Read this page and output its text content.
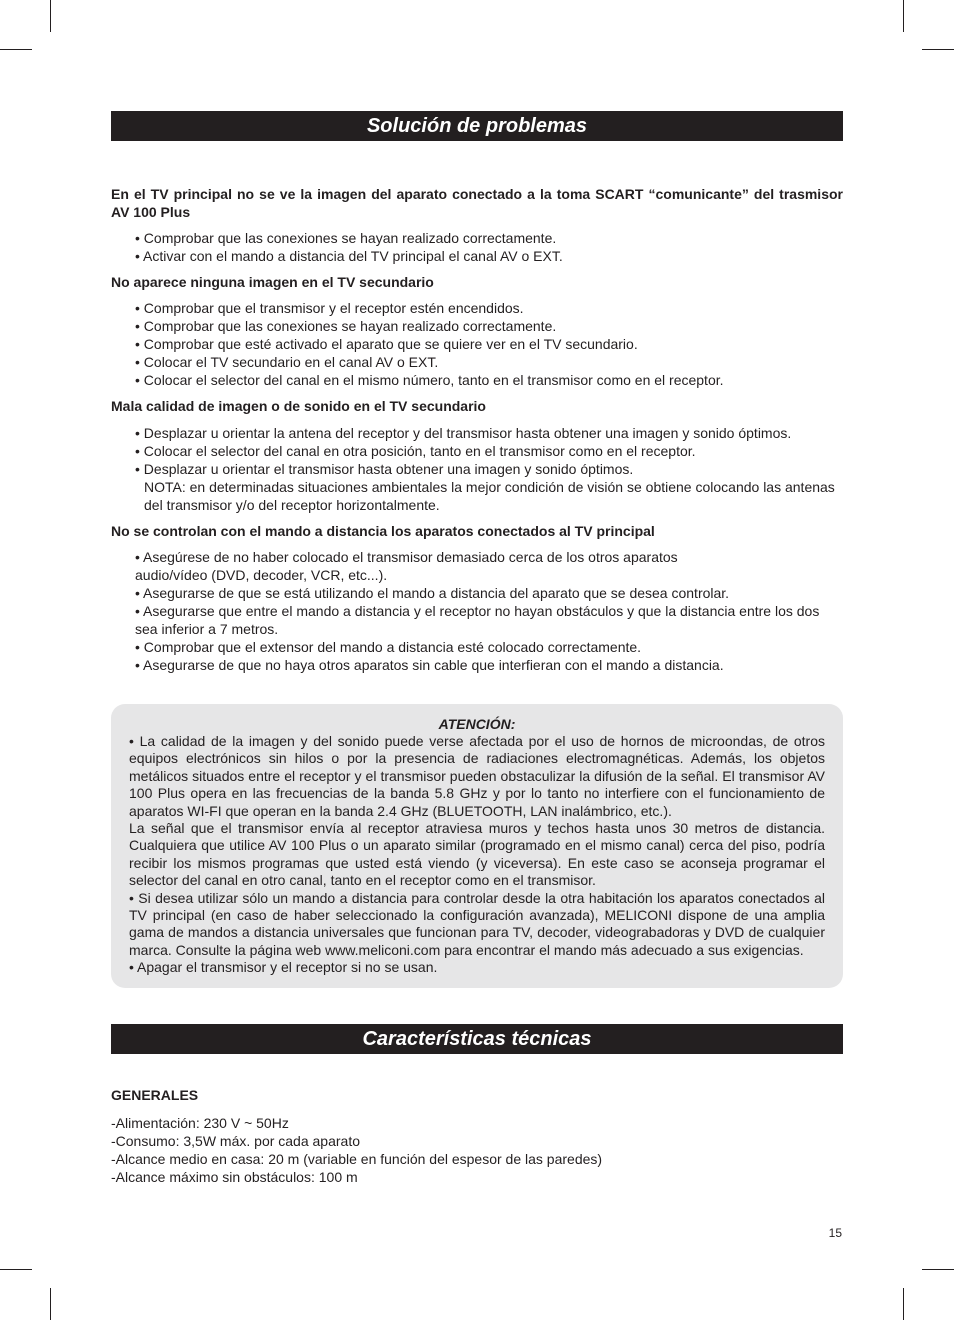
Solución de problemas
En el TV principal no se ve la imagen del aparato conectado a la toma SCART “comunicante” del trasmisor AV 100 Plus
• Comprobar que las conexiones se hayan realizado correctamente.
• Activar con el mando a distancia del TV principal el canal AV o EXT.
No aparece ninguna imagen en el TV secundario
• Comprobar que el transmisor y el receptor estén encendidos.
• Comprobar que las conexiones se hayan realizado correctamente.
• Comprobar que esté activado el aparato que se quiere ver en el TV secundario.
• Colocar el TV secundario en el canal AV o EXT.
• Colocar el selector del canal en el mismo número, tanto en el transmisor como en el receptor.
Mala calidad de imagen o de sonido en el TV secundario
• Desplazar u orientar la antena del receptor y del transmisor hasta obtener una imagen y sonido óptimos.
• Colocar el selector del canal en otra posición, tanto en el transmisor como en el receptor.
• Desplazar u orientar el transmisor hasta obtener una imagen y sonido óptimos.
NOTA: en determinadas situaciones ambientales la mejor condición de visión se obtiene colocando las antenas del transmisor y/o del receptor horizontalmente.
No se controlan con el mando a distancia los aparatos conectados al TV principal
• Asegúrese de no haber colocado el transmisor demasiado cerca de los otros aparatos audio/vídeo (DVD, decoder, VCR, etc...).
• Asegurarse de que se está utilizando el mando a distancia del aparato que se desea controlar.
• Asegurarse que entre el mando a distancia y el receptor no hayan obstáculos y que la distancia entre los dos sea inferior a 7 metros.
• Comprobar que el extensor del mando a distancia esté colocado correctamente.
• Asegurarse de que no haya otros aparatos sin cable que interfieran con el mando a distancia.
ATENCIÓN:

• La calidad de la imagen y del sonido puede verse afectada por el uso de hornos de microondas, de otros equipos electrónicos sin hilos o por la presencia de radiaciones electromagnéticas. Además, los objetos metálicos situados entre el receptor y el transmisor pueden obstaculizar la difusión de la señal. El transmisor AV 100 Plus opera en las frecuencias de la banda 5.8 GHz y por lo tanto no interfiere con el funcionamiento de aparatos WI-FI que operan en la banda 2.4 GHz (BLUETOOTH, LAN inalámbrico, etc.).

La señal que el transmisor envía al receptor atraviesa muros y techos hasta unos 30 metros de distancia. Cualquiera que utilice AV 100 Plus o un aparato similar (programado en el mismo canal) cerca del piso, podría recibir los mismos programas que usted está viendo (y viceversa). En este caso se aconseja programar el selector del canal en otro canal, tanto en el receptor como en el transmisor.

• Si desea utilizar sólo un mando a distancia para controlar desde la otra habitación los aparatos conectados al TV principal (en caso de haber seleccionado la configuración avanzada), MELICONI dispone de una amplia gama de mandos a distancia universales que funcionan para TV, decoder, videograbadoras y DVD de cualquier marca. Consulte la página web www.meliconi.com para encontrar el mando más adecuado a sus exigencias.

• Apagar el transmisor y el receptor si no se usan.

Características técnicas
GENERALES
-Alimentación: 230 V ~ 50Hz
-Consumo: 3,5W máx. por cada aparato
-Alcance medio en casa: 20 m (variable en función del espesor de las paredes)
-Alcance máximo sin obstáculos: 100 m
15
